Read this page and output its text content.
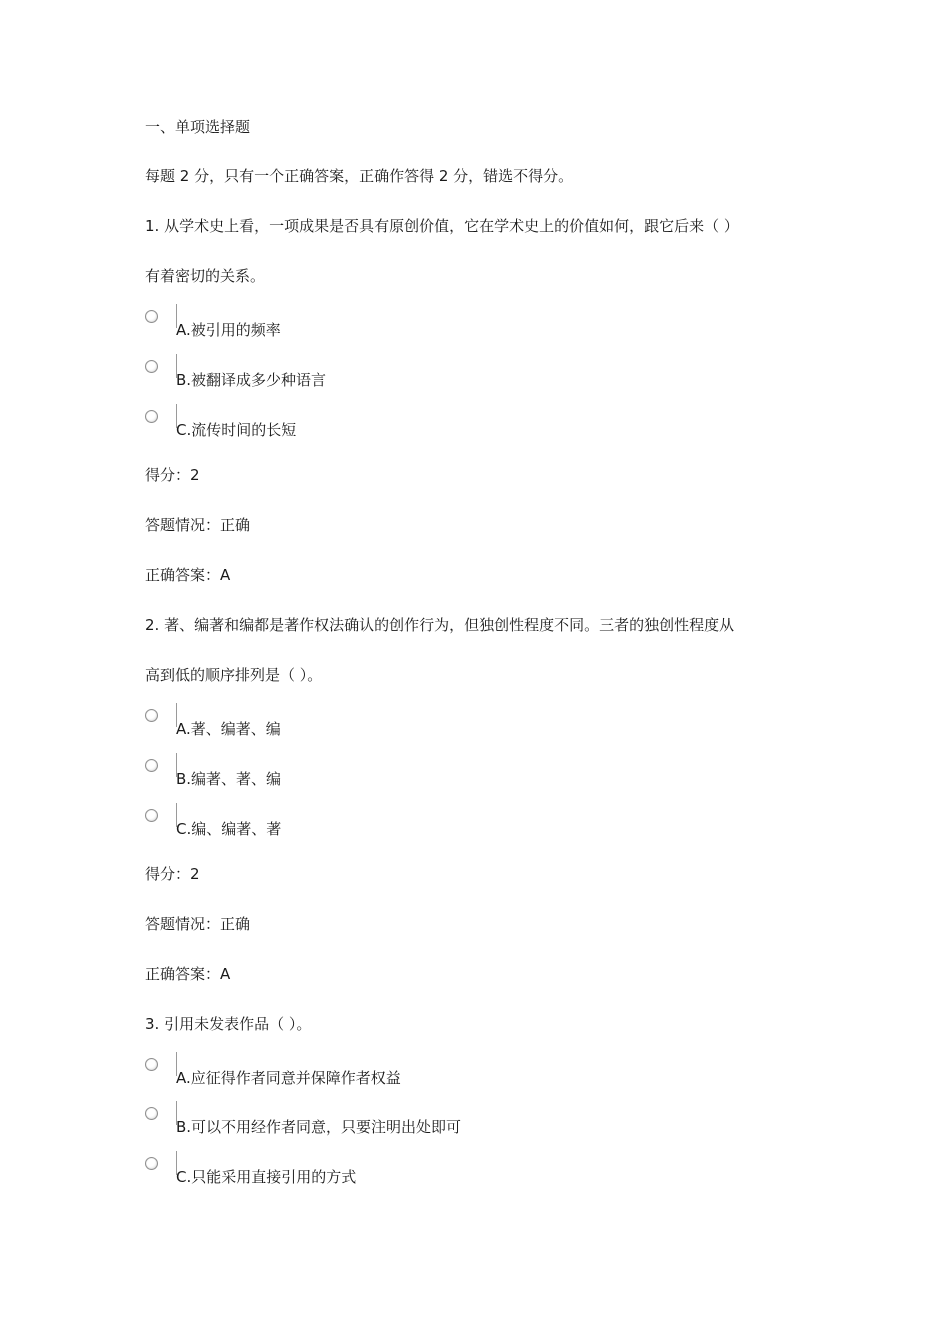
一、单项选择题
每题 2 分，只有一个正确答案，正确作答得 2 分，错选不得分。
1. 从学术史上看，一项成果是否具有原创价值，它在学术史上的价值如何，跟它后来（ ）
有着密切的关系。
A.被引用的频率
B.被翻译成多少种语言
C.流传时间的长短
得分：2
答题情况：正确
正确答案：A
2. 著、编著和编都是著作权法确认的创作行为，但独创性程度不同。三者的独创性程度从
高到低的顺序排列是（ ）。
A.著、编著、编
B.编著、著、编
C.编、编著、著
得分：2
答题情况：正确
正确答案：A
3. 引用未发表作品（ ）。
A.应征得作者同意并保障作者权益
B.可以不用经作者同意，只要注明出处即可
C.只能采用直接引用的方式
